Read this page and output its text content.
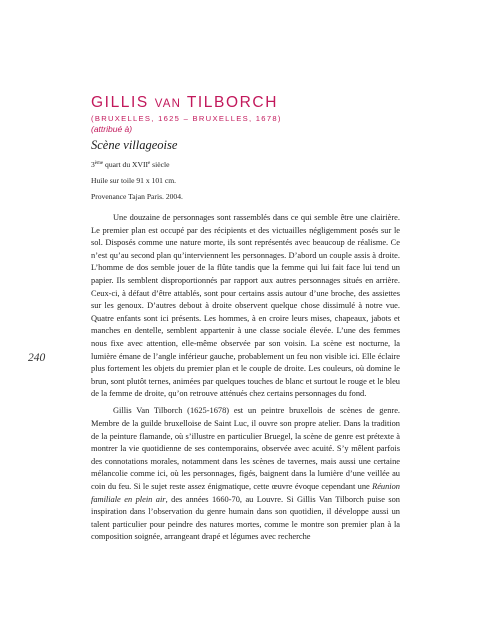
240
GILLIS VAN TILBORCH
(BRUXELLES, 1625 – BRUXELLES, 1678)
(attribué à)
Scène villageoise
3ème quart du XVIIe siècle
Huile sur toile 91 x 101 cm.
Provenance Tajan Paris. 2004.

Une douzaine de personnages sont rassemblés dans ce qui semble être une clairière. Le premier plan est occupé par des récipients et des victuailles négligemment posés sur le sol. Disposés comme une nature morte, ils sont représentés avec beaucoup de réalisme. Ce n’est qu’au second plan qu’interviennent les personnages. D’abord un couple assis à droite. L’homme de dos semble jouer de la flûte tandis que la femme qui lui fait face lui tend un papier. Ils semblent disproportionnés par rapport aux autres personnages situés en arrière. Ceux-ci, à défaut d’être attablés, sont pour certains assis autour d’une broche, des assiettes sur les genoux. D’autres debout à droite observent quelque chose dissimulé à notre vue. Quatre enfants sont ici présents. Les hommes, à en croire leurs mises, chapeaux, jabots et manches en dentelle, semblent appartenir à une classe sociale élevée. L’une des femmes nous fixe avec attention, elle-même observée par son voisin. La scène est nocturne, la lumière émane de l’angle inférieur gauche, probablement un feu non visible ici. Elle éclaire plus fortement les objets du premier plan et le couple de droite. Les couleurs, où domine le brun, sont plutôt ternes, animées par quelques touches de blanc et surtout le rouge et le bleu de la femme de droite, qu’on retrouve atténués chez certains personnages du fond.

Gillis Van Tilborch (1625-1678) est un peintre bruxellois de scènes de genre. Membre de la guilde bruxelloise de Saint Luc, il ouvre son propre atelier. Dans la tradition de la peinture flamande, où s’illustre en particulier Bruegel, la scène de genre est prétexte à montrer la vie quotidienne de ses contemporains, observée avec acuité. S’y mêlent parfois des connotations morales, notamment dans les scènes de tavernes, mais aussi une certaine mélancolie comme ici, où les personnages, figés, baignent dans la lumière d’une veillée au coin du feu. Si le sujet reste assez énigmatique, cette œuvre évoque cependant une Réunion familiale en plein air, des années 1660-70, au Louvre. Si Gillis Van Tilborch puise son inspiration dans l’observation du genre humain dans son quotidien, il développe aussi un talent particulier pour peindre des natures mortes, comme le montre son premier plan à la composition soignée, arrangeant drapé et légumes avec recherche
